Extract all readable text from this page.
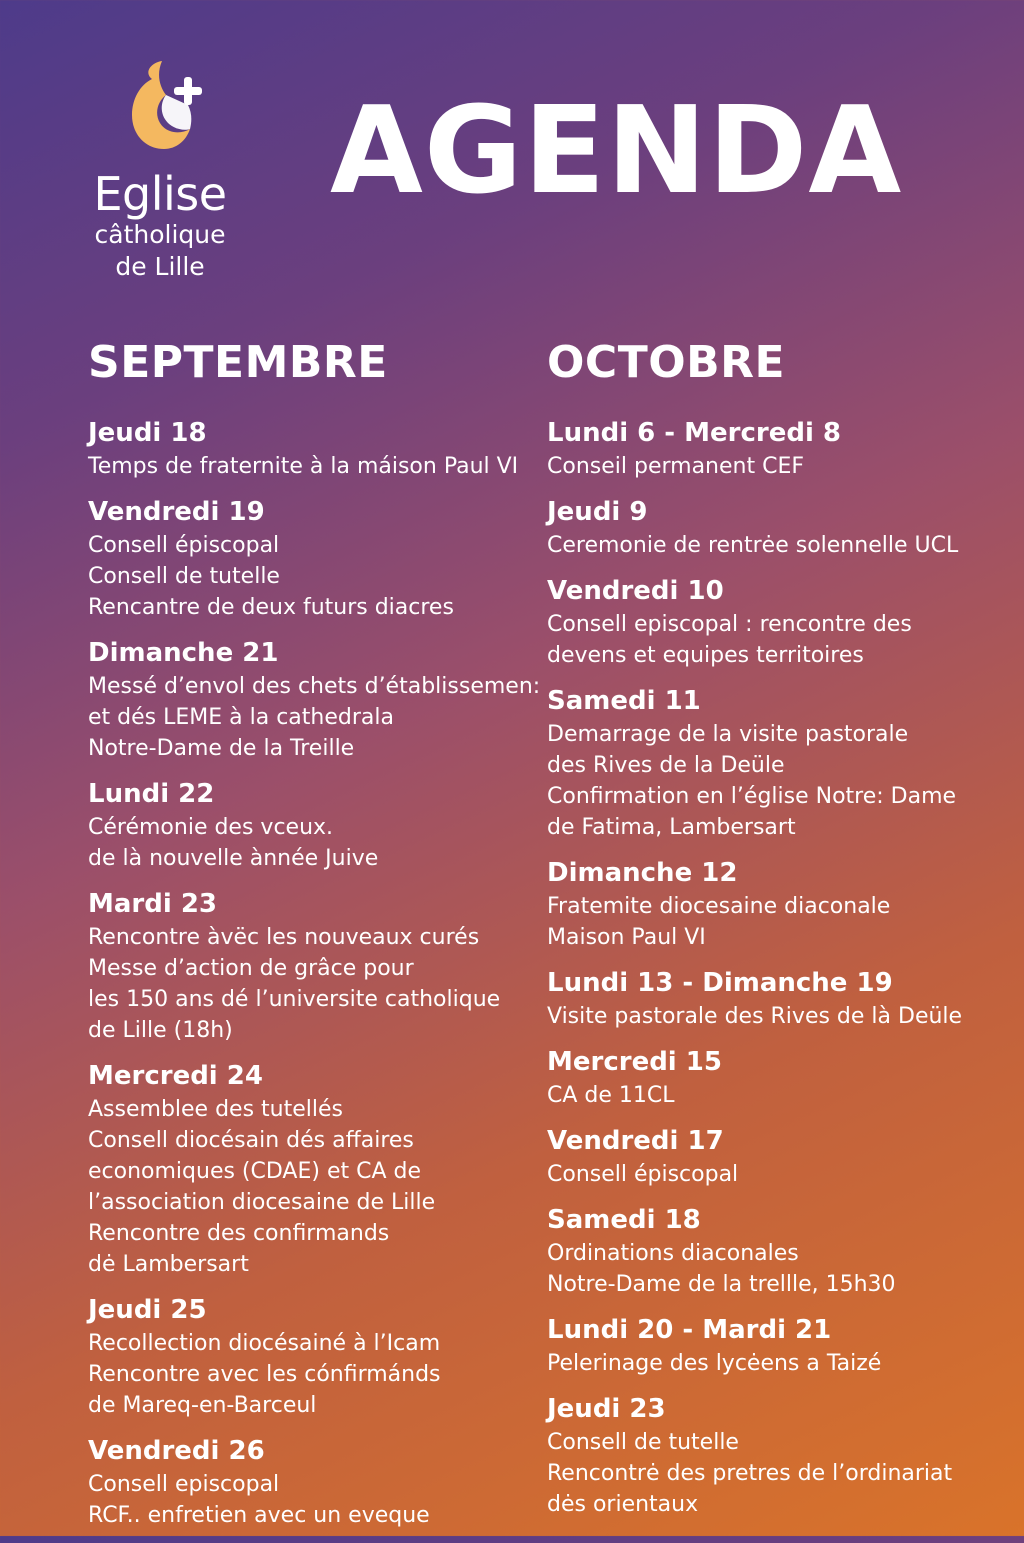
Eglise
câtholique
de Lille
AGENDA
SEPTEMBRE
Jeudi 18
Temps de fraternite à la máison Paul VI
Vendredi 19
Consell épiscopal
Consell de tutelle
Rencantre de deux futurs diacres
Dimanche 21
Messé d’envol des chets d’établissemen:
et dés LEME à la cathedrala
Notre-Dame de la Treille
Lundi 22
Cérémonie des vceux.
de là nouvelle ànnée Juive
Mardi 23
Rencontre àvëc les nouveaux curés
Messe d’action de grâce pour
les 150 ans dé l’universite catholique
de Lille (18h)
Mercredi 24
Assemblee des tutellés
Consell diocésain dés affaires
economiques (CDAE) et CA de
l’association diocesaine de Lille
Rencontre des confirmands
dė Lambersart
Jeudi 25
Recollection diocésainé à l’Icam
Rencontre avec les cónfirmánds
de Mareq-en-Barceul
Vendredi 26
Consell episcopal
RCF.. enfretien avec un eveque
OCTOBRE
Lundi 6 - Mercredi 8
Conseil permanent CEF
Jeudi 9
Ceremonie de rentrėe solennelle UCL
Vendredi 10
Consell episcopal : rencontre des
devens et equipes territoires
Samedi 11
Demarrage de la visite pastorale
des Rives de la Deüle
Confirmation en l’église Notre: Dame
de Fatima, Lambersart
Dimanche 12
Fratemite diocesaine diaconale
Maison Paul VI
Lundi 13 - Dimanche 19
Visite pastorale des Rives de là Deüle
Mercredi 15
CA de 11CL
Vendredi 17
Consell épiscopal
Samedi 18
Ordinations diaconales
Notre-Dame de la trellle, 15h30
Lundi 20 - Mardi 21
Pelerinage des lycėens a Taizé
Jeudi 23
Consell de tutelle
Rencontrė des pretres de l’ordinariat
dės orientaux
